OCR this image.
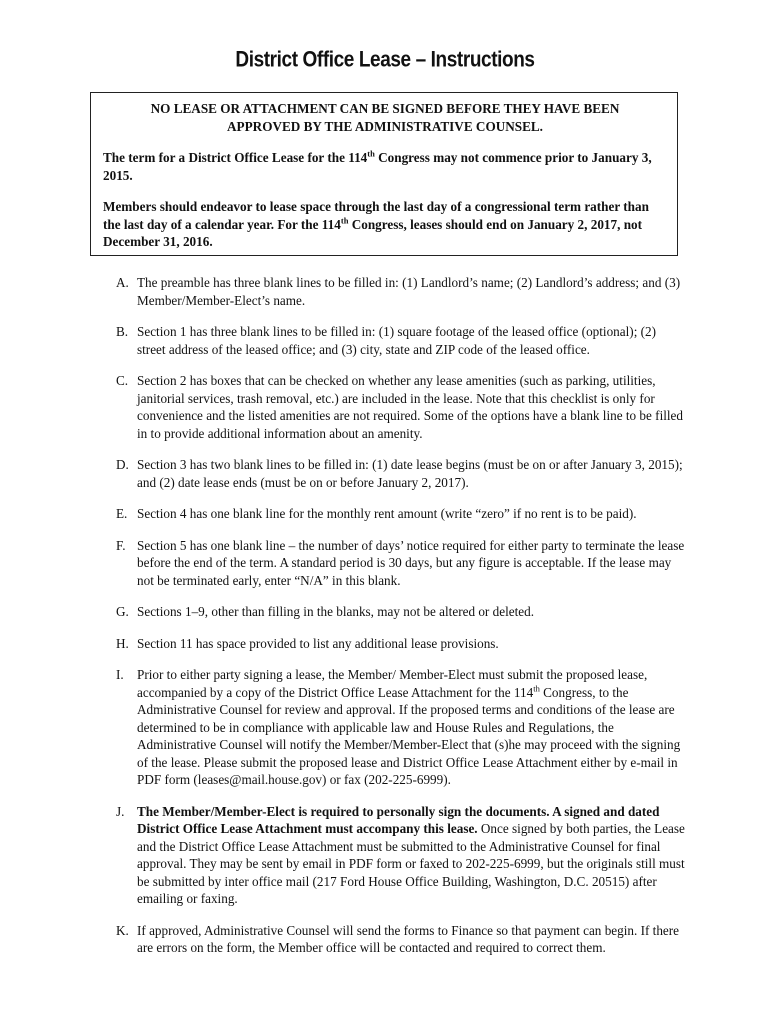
District Office Lease – Instructions

NO LEASE OR ATTACHMENT CAN BE SIGNED BEFORE THEY HAVE BEEN

APPROVED BY THE ADMINISTRATIVE COUNSEL.

The term for a District Office Lease for the 114th Congress may not commence prior to January 3, 2015.

Members should endeavor to lease space through the last day of a congressional term rather than the last day of a calendar year. For the 114th Congress, leases should end on January 2, 2017, not December 31, 2016.

A. The preamble has three blank lines to be filled in: (1) Landlord’s name; (2) Landlord’s address; and (3) Member/Member-Elect’s name.
B. Section 1 has three blank lines to be filled in: (1) square footage of the leased office (optional); (2) street address of the leased office; and (3) city, state and ZIP code of the leased office.
C. Section 2 has boxes that can be checked on whether any lease amenities (such as parking, utilities, janitorial services, trash removal, etc.) are included in the lease. Note that this checklist is only for convenience and the listed amenities are not required. Some of the options have a blank line to be filled in to provide additional information about an amenity.
D. Section 3 has two blank lines to be filled in: (1) date lease begins (must be on or after January 3, 2015); and (2) date lease ends (must be on or before January 2, 2017).
E. Section 4 has one blank line for the monthly rent amount (write “zero” if no rent is to be paid).
F. Section 5 has one blank line – the number of days’ notice required for either party to terminate the lease before the end of the term. A standard period is 30 days, but any figure is acceptable. If the lease may not be terminated early, enter “N/A” in this blank.
G. Sections 1–9, other than filling in the blanks, may not be altered or deleted.
H. Section 11 has space provided to list any additional lease provisions.
I. Prior to either party signing a lease, the Member/ Member-Elect must submit the proposed lease, accompanied by a copy of the District Office Lease Attachment for the 114th Congress, to the Administrative Counsel for review and approval. If the proposed terms and conditions of the lease are determined to be in compliance with applicable law and House Rules and Regulations, the Administrative Counsel will notify the Member/Member-Elect that (s)he may proceed with the signing of the lease. Please submit the proposed lease and District Office Lease Attachment either by e-mail in PDF form (leases@mail.house.gov) or fax (202-225-6999).
J. The Member/Member-Elect is required to personally sign the documents. A signed and dated District Office Lease Attachment must accompany this lease. Once signed by both parties, the Lease and the District Office Lease Attachment must be submitted to the Administrative Counsel for final approval. They may be sent by email in PDF form or faxed to 202-225-6999, but the originals still must be submitted by inter office mail (217 Ford House Office Building, Washington, D.C. 20515) after emailing or faxing.
K. If approved, Administrative Counsel will send the forms to Finance so that payment can begin. If there are errors on the form, the Member office will be contacted and required to correct them.
